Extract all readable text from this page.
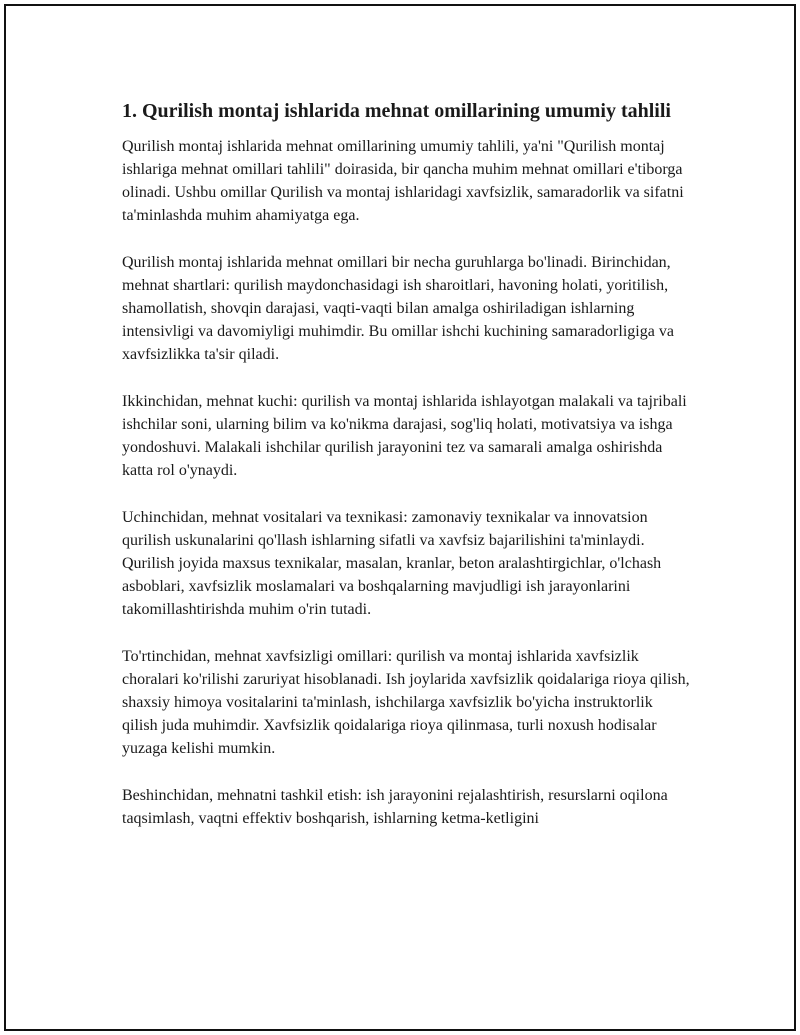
1. Qurilish montaj ishlarida mehnat omillarining umumiy tahlili

Qurilish montaj ishlarida mehnat omillarining umumiy tahlili, ya'ni "Qurilish montaj ishlariga mehnat omillari tahlili" doirasida, bir qancha muhim mehnat omillari e'tiborga olinadi. Ushbu omillar Qurilish va montaj ishlaridagi xavfsizlik, samaradorlik va sifatni ta'minlashda muhim ahamiyatga ega.

Qurilish montaj ishlarida mehnat omillari bir necha guruhlarga bo'linadi. Birinchidan, mehnat shartlari: qurilish maydonchasidagi ish sharoitlari, havoning holati, yoritilish, shamollatish, shovqin darajasi, vaqti-vaqti bilan amalga oshiriladigan ishlarning intensivligi va davomiyligi muhimdir. Bu omillar ishchi kuchining samaradorligiga va xavfsizlikka ta'sir qiladi.

Ikkinchidan, mehnat kuchi: qurilish va montaj ishlarida ishlayotgan malakali va tajribali ishchilar soni, ularning bilim va ko'nikma darajasi, sog'liq holati, motivatsiya va ishga yondoshuvi. Malakali ishchilar qurilish jarayonini tez va samarali amalga oshirishda katta rol o'ynaydi.

Uchinchidan, mehnat vositalari va texnikasi: zamonaviy texnikalar va innovatsion qurilish uskunalarini qo'llash ishlarning sifatli va xavfsiz bajarilishini ta'minlaydi. Qurilish joyida maxsus texnikalar, masalan, kranlar, beton aralashtirgichlar, o'lchash asboblari, xavfsizlik moslamalari va boshqalarning mavjudligi ish jarayonlarini takomillashtirishda muhim o'rin tutadi.

To'rtinchidan, mehnat xavfsizligi omillari: qurilish va montaj ishlarida xavfsizlik choralari ko'rilishi zaruriyat hisoblanadi. Ish joylarida xavfsizlik qoidalariga rioya qilish, shaxsiy himoya vositalarini ta'minlash, ishchilarga xavfsizlik bo'yicha instruktorlik qilish juda muhimdir. Xavfsizlik qoidalariga rioya qilinmasa, turli noxush hodisalar yuzaga kelishi mumkin.

Beshinchidan, mehnatni tashkil etish: ish jarayonini rejalashtirish, resurslarni oqilona taqsimlash, vaqtni effektiv boshqarish, ishlarning ketma-ketligini
